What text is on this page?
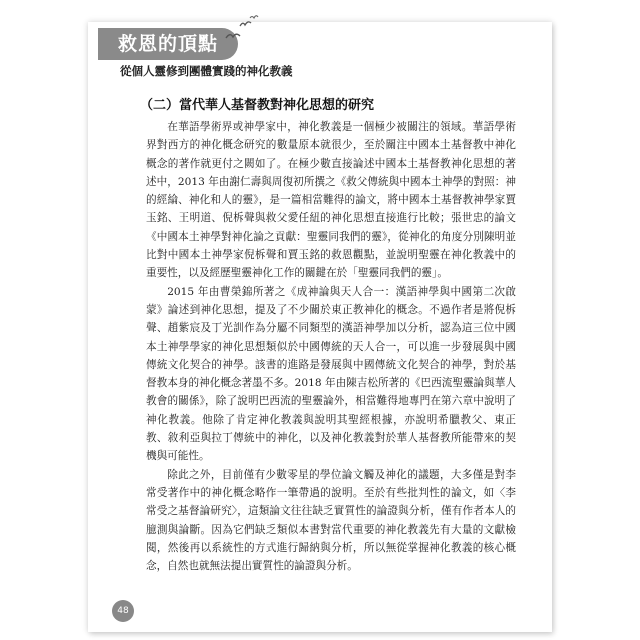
救恩的頂點
從個人靈修到團體實踐的神化教義
（二）當代華人基督教對神化思想的研究

在華語學術界或神學家中，神化教義是一個極少被關注的領域。華語學術界對西方的神化概念研究的數量原本就很少，至於關注中國本土基督教中神化概念的著作就更付之闕如了。在極少數直接論述中國本土基督教神化思想的著述中，2013 年由謝仁壽與周復初所撰之《救父傳統與中國本土神學的對照：神的經綸、神化和人的靈》，是一篇相當難得的論文，將中國本土基督教神學家賈玉銘、王明道、倪柝聲與救父愛任紐的神化思想直接進行比較；張世忠的論文《中國本土神學對神化論之貢獻：聖靈同我們的靈》，從神化的角度分別陳明並比對中國本土神學家倪柝聲和賈玉銘的救恩觀點，並說明聖靈在神化教義中的重要性，以及經歷聖靈神化工作的關鍵在於「聖靈同我們的靈」。

2015 年由曹榮錦所著之《成神論與天人合一：漢語神學與中國第二次啟蒙》論述到神化思想，提及了不少關於東正教神化的概念。不過作者是將倪柝聲、趙紫宸及丁光訓作為分屬不同類型的漢語神學加以分析，認為這三位中國本土神學學家的神化思想類似於中國傳統的天人合一，可以進一步發展與中國傳統文化契合的神學。該書的進路是發展與中國傳統文化契合的神學，對於基督教本身的神化概念著墨不多。2018 年由陳吉松所著的《巴西流聖靈論與華人教會的關係》，除了說明巴西流的聖靈論外，相當難得地專門在第六章中說明了神化教義。他除了肯定神化教義與說明其聖經根據，亦說明希臘教父、東正教、敘利亞與拉丁傳統中的神化，以及神化教義對於華人基督教所能帶來的契機與可能性。

除此之外，目前僅有少數零星的學位論文觸及神化的議題，大多僅是對李常受著作中的神化概念略作一筆帶過的說明。至於有些批判性的論文，如〈李常受之基督論研究〉，這類論文往往缺乏實質性的論證與分析，僅有作者本人的臆測與論斷。因為它們缺乏類似本書對當代重要的神化教義先有大量的文獻檢閱，然後再以系統性的方式進行歸納與分析，所以無從掌握神化教義的核心概念，自然也就無法提出實質性的論證與分析。

48
